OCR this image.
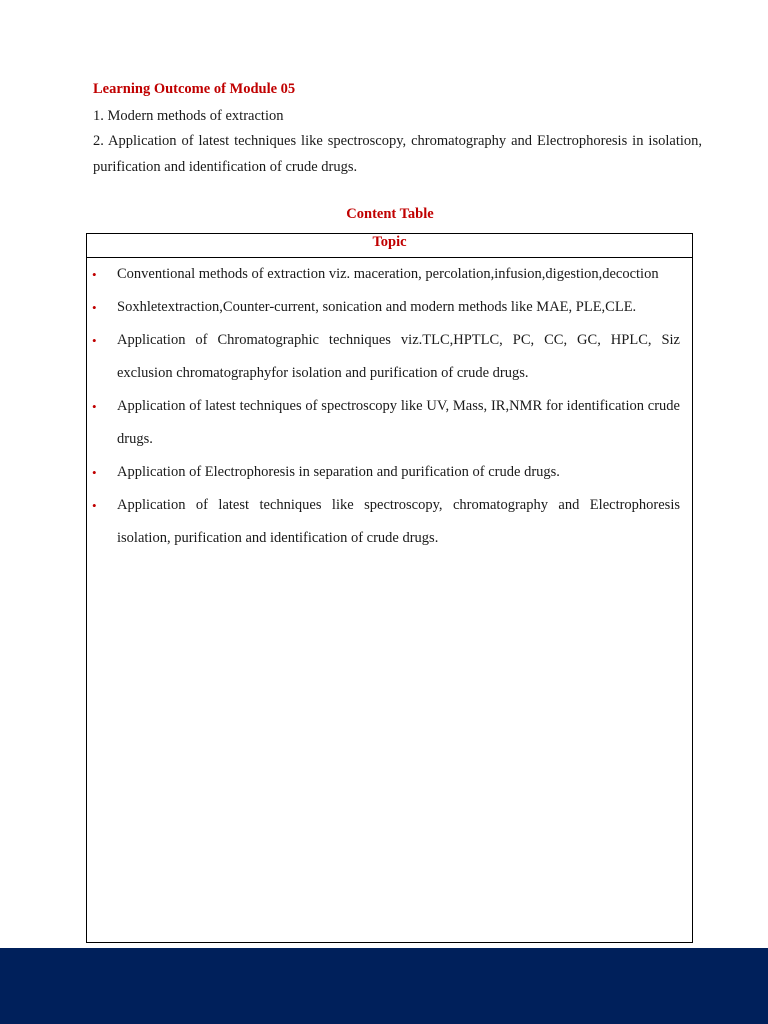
Learning Outcome of Module 05

1. Modern methods of extraction

2. Application of latest techniques like spectroscopy, chromatography and Electrophoresis in isolation, purification and identification of crude drugs.

Content Table
Topic
• Conventional methods of extraction viz. maceration, percolation,infusion,digestion,decoction
• Soxhletextraction,Counter-current, sonication and modern methods like MAE, PLE,CLE.
• Application of Chromatographic techniques viz.TLC,HPTLC, PC, CC, GC, HPLC, Siz exclusion chromatographyfor isolation and purification of crude drugs.
• Application of latest techniques of spectroscopy like UV, Mass, IR,NMR for identification crude drugs.
• Application of Electrophoresis in separation and purification of crude drugs.
• Application of latest techniques like spectroscopy, chromatography and Electrophoresis isolation, purification and identification of crude drugs.
